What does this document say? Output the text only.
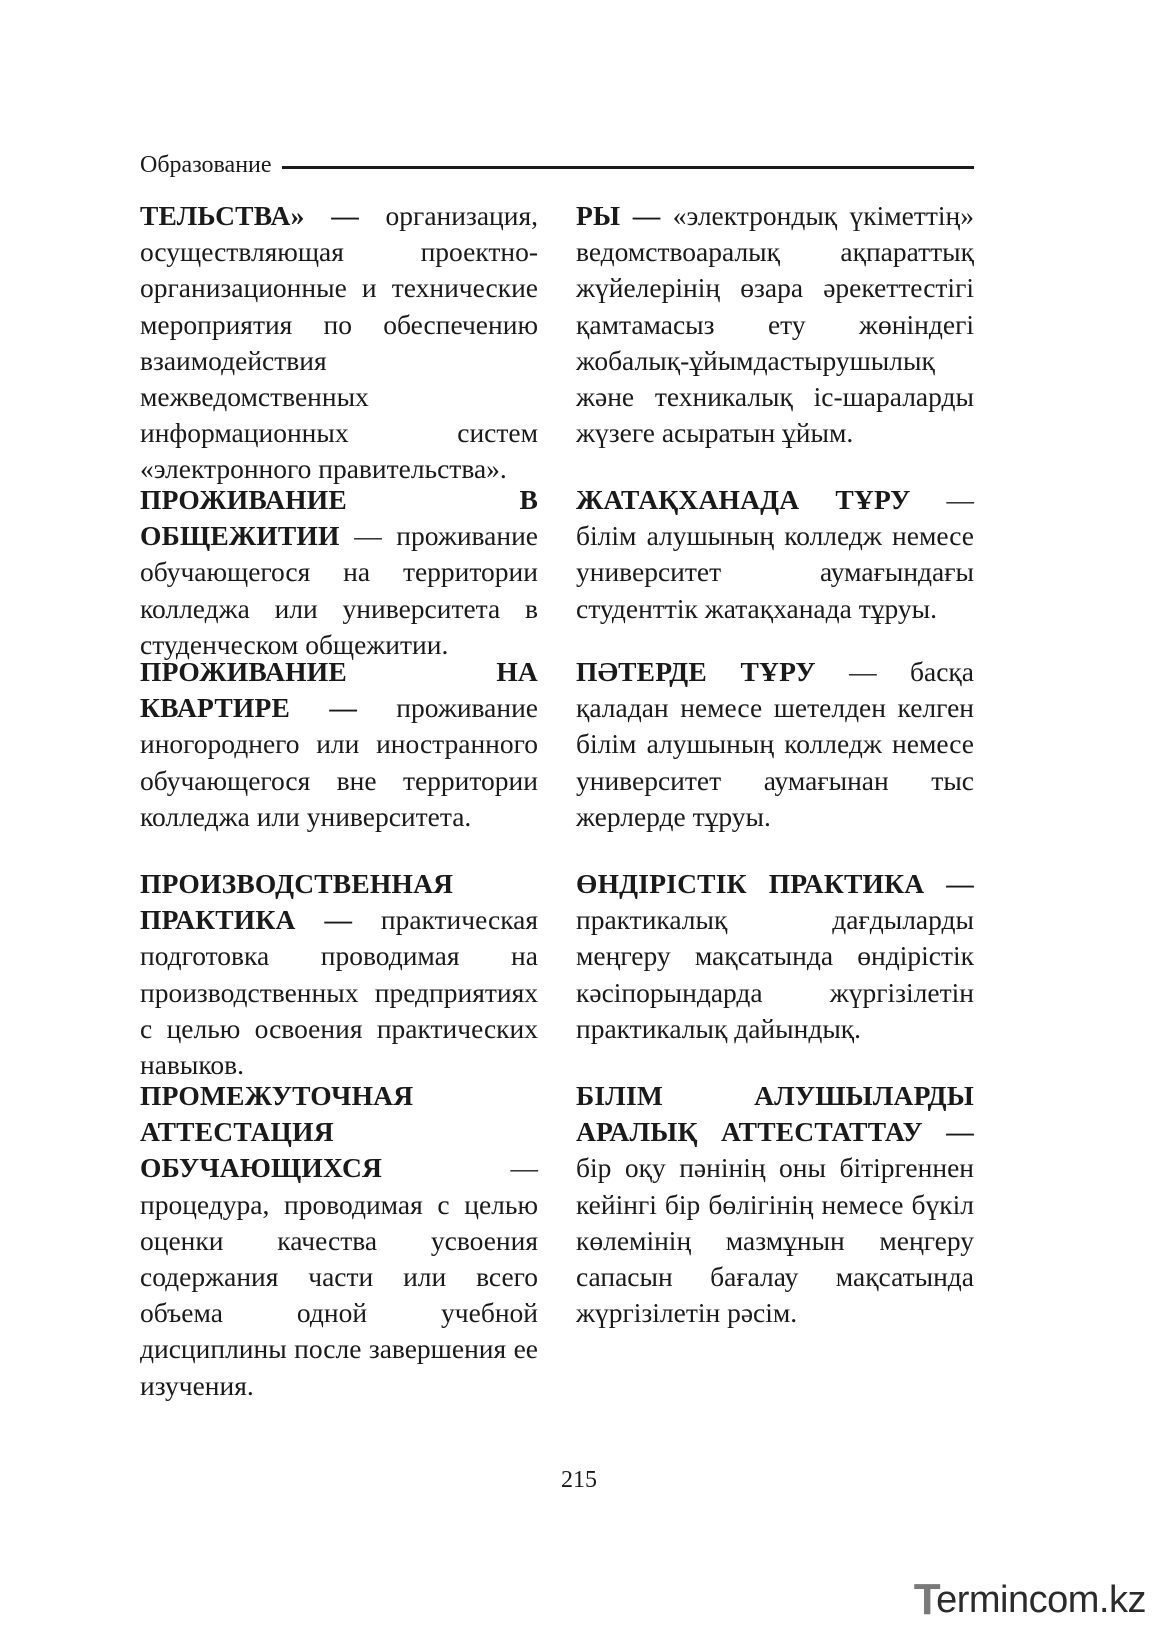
Образование
ТЕЛЬСТВА» — организация, осуществляющая проектно-организационные и технические мероприятия по обеспечению взаимодействия межведомственных информационных систем «электронного правительства».
ПРОЖИВАНИЕ В ОБЩЕЖИТИИ — проживание обучающегося на территории колледжа или университета в студенческом общежитии.
ПРОЖИВАНИЕ НА КВАРТИРЕ — проживание иногороднего или иностранного обучающегося вне территории колледжа или университета.
ПРОИЗВОДСТВЕННАЯ ПРАКТИКА — практическая подготовка проводимая на производственных предприятиях с целью освоения практических навыков.
ПРОМЕЖУТОЧНАЯ АТТЕСТАЦИЯ ОБУЧАЮЩИХСЯ — процедура, проводимая с целью оценки качества усвоения содержания части или всего объема одной учебной дисциплины после завершения ее изучения.
РЫ — «электрондық үкіметтің» ведомствоаралық ақпараттық жүйелерінің өзара әрекеттестігі қамтамасыз ету жөніндегі жобалық-ұйымдастырушылық және техникалық іс-шараларды жүзеге асыратын ұйым.
ЖАТАҚХАНАДА ТҰРУ — білім алушының колледж немесе университет аумағындағы студенттік жатақханада тұруы.
ПӘТЕРДЕ ТҰРУ — басқа қаладан немесе шетелден келген білім алушының колледж немесе университет аумағынан тыс жерлерде тұруы.
ӨНДІРІСТІК ПРАКТИКА — практикалық дағдыларды меңгеру мақсатында өндірістік кәсіпорындарда жүргізілетін практикалық дайындық.
БІЛІМ АЛУШЫЛАРДЫ АРАЛЫҚ АТТЕСТАТТАУ — бір оқу пәнінің оны бітіргеннен кейінгі бір бөлігінің немесе бүкіл көлемінің мазмұнын меңгеру сапасын бағалау мақсатында жүргізілетін рәсім.
215
T
erminc o m.kz
